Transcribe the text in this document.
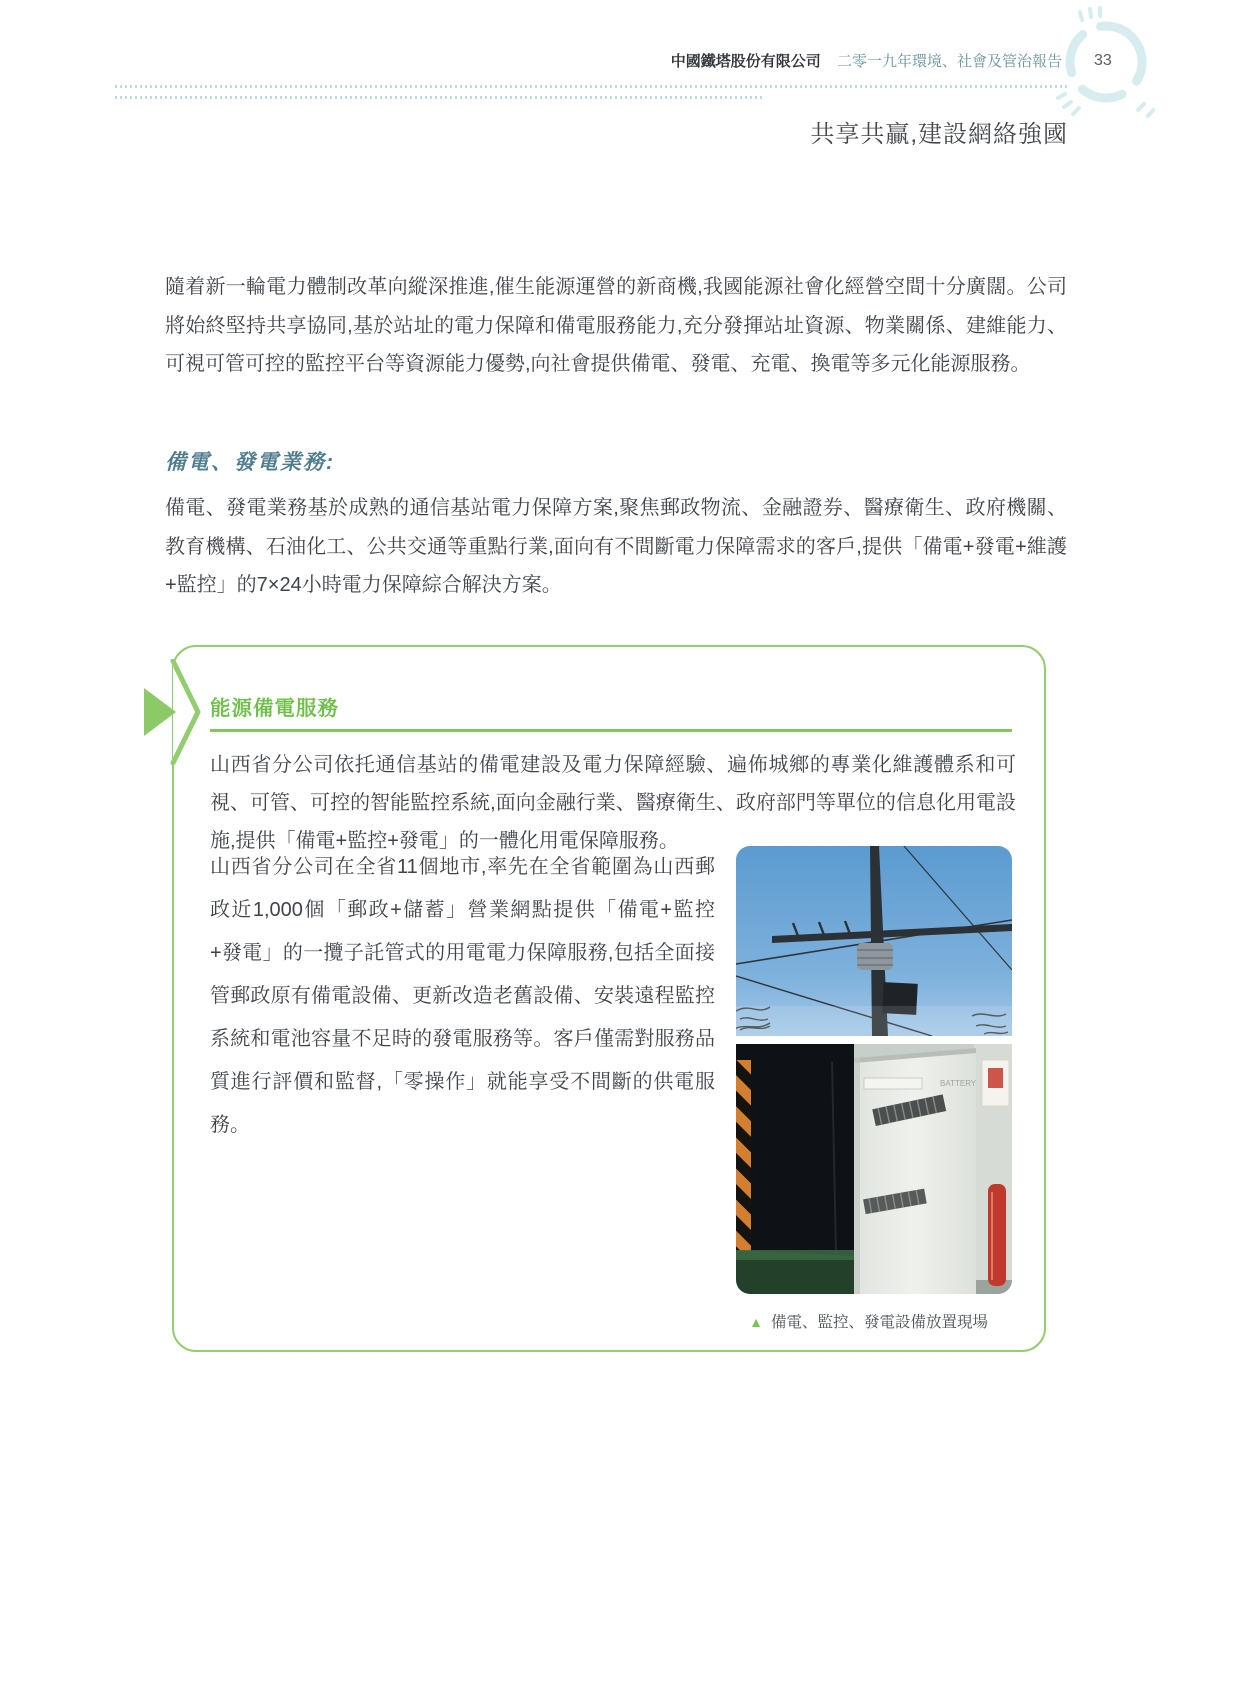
中國鐵塔股份有限公司 二零一九年環境、社會及管治報告 33
共享共贏,建設網絡強國

隨着新一輪電力體制改革向縱深推進,催生能源運營的新商機,我國能源社會化經營空間十分廣闊。公司將始終堅持共享協同,基於站址的電力保障和備電服務能力,充分發揮站址資源、物業關係、建維能力、可視可管可控的監控平台等資源能力優勢,向社會提供備電、發電、充電、換電等多元化能源服務。

備電、發電業務:

備電、發電業務基於成熟的通信基站電力保障方案,聚焦郵政物流、金融證券、醫療衛生、政府機關、教育機構、石油化工、公共交通等重點行業,面向有不間斷電力保障需求的客戶,提供「備電+發電+維護+監控」的7×24小時電力保障綜合解決方案。

能源備電服務

山西省分公司依托通信基站的備電建設及電力保障經驗、遍佈城鄉的專業化維護體系和可視、可管、可控的智能監控系統,面向金融行業、醫療衛生、政府部門等單位的信息化用電設施,提供「備電+監控+發電」的一體化用電保障服務。

山西省分公司在全省11個地市,率先在全省範圍為山西郵政近1,000個「郵政+儲蓄」營業網點提供「備電+監控+發電」的一攬子託管式的用電電力保障服務,包括全面接管郵政原有備電設備、更新改造老舊設備、安裝遠程監控系統和電池容量不足時的發電服務等。客戶僅需對服務品質進行評價和監督,「零操作」就能享受不間斷的供電服務。

BATTERY
▲ 備電、監控、發電設備放置現場
